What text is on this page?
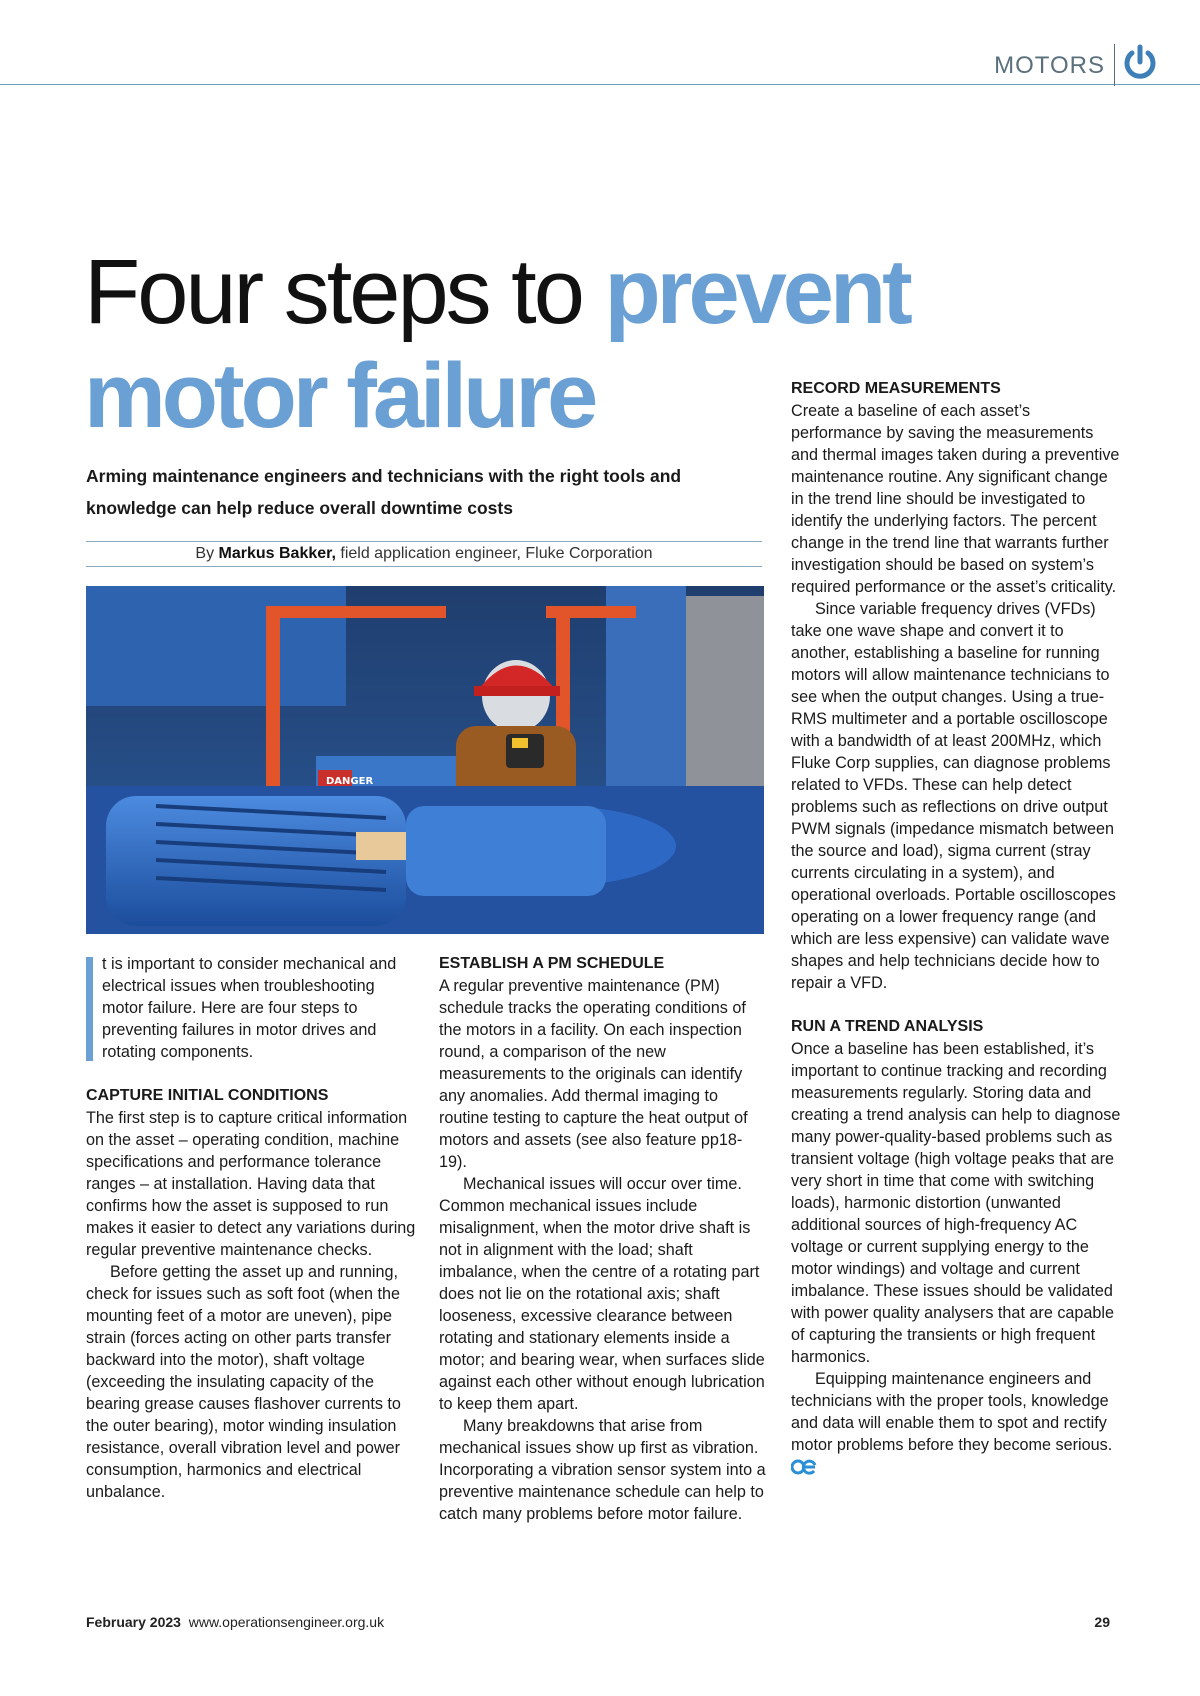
MOTORS
Four steps to prevent
motor failure
Arming maintenance engineers and technicians with the right tools and knowledge can help reduce overall downtime costs
By Markus Bakker, field application engineer, Fluke Corporation
DANGER

t is important to consider mechanical and electrical issues when troubleshooting motor failure. Here are four steps to preventing failures in motor drives and rotating components.

CAPTURE INITIAL CONDITIONS

The first step is to capture critical information on the asset – operating condition, machine specifications and performance tolerance ranges – at installation. Having data that confirms how the asset is supposed to run makes it easier to detect any variations during regular preventive maintenance checks.

Before getting the asset up and running, check for issues such as soft foot (when the mounting feet of a motor are uneven), pipe strain (forces acting on other parts transfer backward into the motor), shaft voltage (exceeding the insulating capacity of the bearing grease causes flashover currents to the outer bearing), motor winding insulation resistance, overall vibration level and power consumption, harmonics and electrical unbalance.

ESTABLISH A PM SCHEDULE

A regular preventive maintenance (PM) schedule tracks the operating conditions of the motors in a facility. On each inspection round, a comparison of the new measurements to the originals can identify any anomalies. Add thermal imaging to routine testing to capture the heat output of motors and assets (see also feature pp18-19).

Mechanical issues will occur over time. Common mechanical issues include misalignment, when the motor drive shaft is not in alignment with the load; shaft imbalance, when the centre of a rotating part does not lie on the rotational axis; shaft looseness, excessive clearance between rotating and stationary elements inside a motor; and bearing wear, when surfaces slide against each other without enough lubrication to keep them apart.

Many breakdowns that arise from mechanical issues show up first as vibration. Incorporating a vibration sensor system into a preventive maintenance schedule can help to catch many problems before motor failure.

RECORD MEASUREMENTS

Create a baseline of each asset’s performance by saving the measurements and thermal images taken during a preventive maintenance routine. Any significant change in the trend line should be investigated to identify the underlying factors. The percent change in the trend line that warrants further investigation should be based on system’s required performance or the asset’s criticality.

Since variable frequency drives (VFDs) take one wave shape and convert it to another, establishing a baseline for running motors will allow maintenance technicians to see when the output changes. Using a true-RMS multimeter and a portable oscilloscope with a bandwidth of at least 200MHz, which Fluke Corp supplies, can diagnose problems related to VFDs. These can help detect problems such as reflections on drive output PWM signals (impedance mismatch between the source and load), sigma current (stray currents circulating in a system), and operational overloads. Portable oscilloscopes operating on a lower frequency range (and which are less expensive) can validate wave shapes and help technicians decide how to repair a VFD.

RUN A TREND ANALYSIS

Once a baseline has been established, it’s important to continue tracking and recording measurements regularly. Storing data and creating a trend analysis can help to diagnose many power-quality-based problems such as transient voltage (high voltage peaks that are very short in time that come with switching loads), harmonic distortion (unwanted additional sources of high-frequency AC voltage or current supplying energy to the motor windings) and voltage and current imbalance. These issues should be validated with power quality analysers that are capable of capturing the transients or high frequent harmonics.

Equipping maintenance engineers and technicians with the proper tools, knowledge and data will enable them to spot and rectify motor problems before they become serious.

February 2023 www.operationsengineer.org.uk	29
